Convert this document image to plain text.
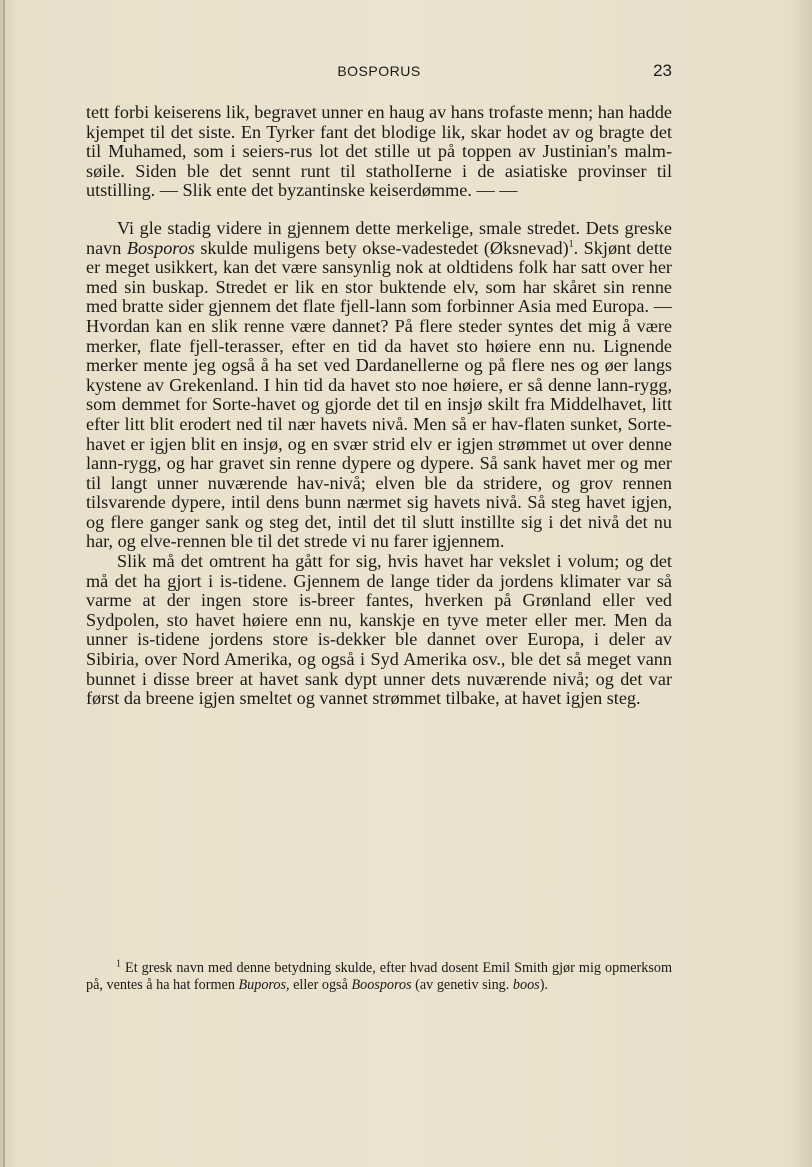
BOSPORUS	23

tett forbi keiserens lik, begravet unner en haug av hans trofaste menn; han hadde kjempet til det siste. En Tyrker fant det blodige lik, skar hodet av og bragte det til Muhamed, som i seiers-rus lot det stille ut på toppen av Justinian's malm-søile. Siden ble det sennt runt til statholIerne i de asiatiske provinser til utstilling. — Slik ente det byzantinske keiserdømme. — —

Vi gle stadig videre in gjennem dette merkelige, smale stredet. Dets greske navn Bosporos skulde muligens bety okse-vadestedet (Øksnevad)$^1$. Skjønt dette er meget usikkert, kan det være sansynlig nok at oldtidens folk har satt over her med sin buskap. Stredet er lik en stor buktende elv, som har skåret sin renne med bratte sider gjennem det flate fjell-lann som forbinner Asia med Europa. — Hvordan kan en slik renne være dannet? På flere steder syntes det mig å være merker, flate fjell-terasser, efter en tid da havet sto høiere enn nu. Lignende merker mente jeg også å ha set ved Dardanellerne og på flere nes og øer langs kystene av Grekenland. I hin tid da havet sto noe høiere, er så denne lann-rygg, som demmet for Sorte-havet og gjorde det til en insjø skilt fra Middelhavet, litt efter litt blit erodert ned til nær havets nivå. Men så er hav-flaten sunket, Sorte-havet er igjen blit en insjø, og en svær strid elv er igjen strømmet ut over denne lann-rygg, og har gravet sin renne dypere og dypere. Så sank havet mer og mer til langt unner nuværende hav-nivå; elven ble da stridere, og grov rennen tilsvarende dypere, intil dens bunn nærmet sig havets nivå. Så steg havet igjen, og flere ganger sank og steg det, intil det til slutt instillte sig i det nivå det nu har, og elve-rennen ble til det strede vi nu farer igjennem.

Slik må det omtrent ha gått for sig, hvis havet har vekslet i volum; og det må det ha gjort i is-tidene. Gjennem de lange tider da jordens klimater var så varme at der ingen store is-breer fantes, hverken på Grønland eller ved Sydpolen, sto havet høiere enn nu, kanskje en tyve meter eller mer. Men da unner is-tidene jordens store is-dekker ble dannet over Europa, i deler av Sibiria, over Nord Amerika, og også i Syd Amerika osv., ble det så meget vann bunnet i disse breer at havet sank dypt unner dets nuværende nivå; og det var først da breene igjen smeltet og vannet strømmet tilbake, at havet igjen steg.

$^1$ Et gresk navn med denne betydning skulde, efter hvad dosent Emil Smith gjør mig opmerksom på, ventes å ha hat formen Buporos, eller også Boosporos (av genetiv sing. boos).
